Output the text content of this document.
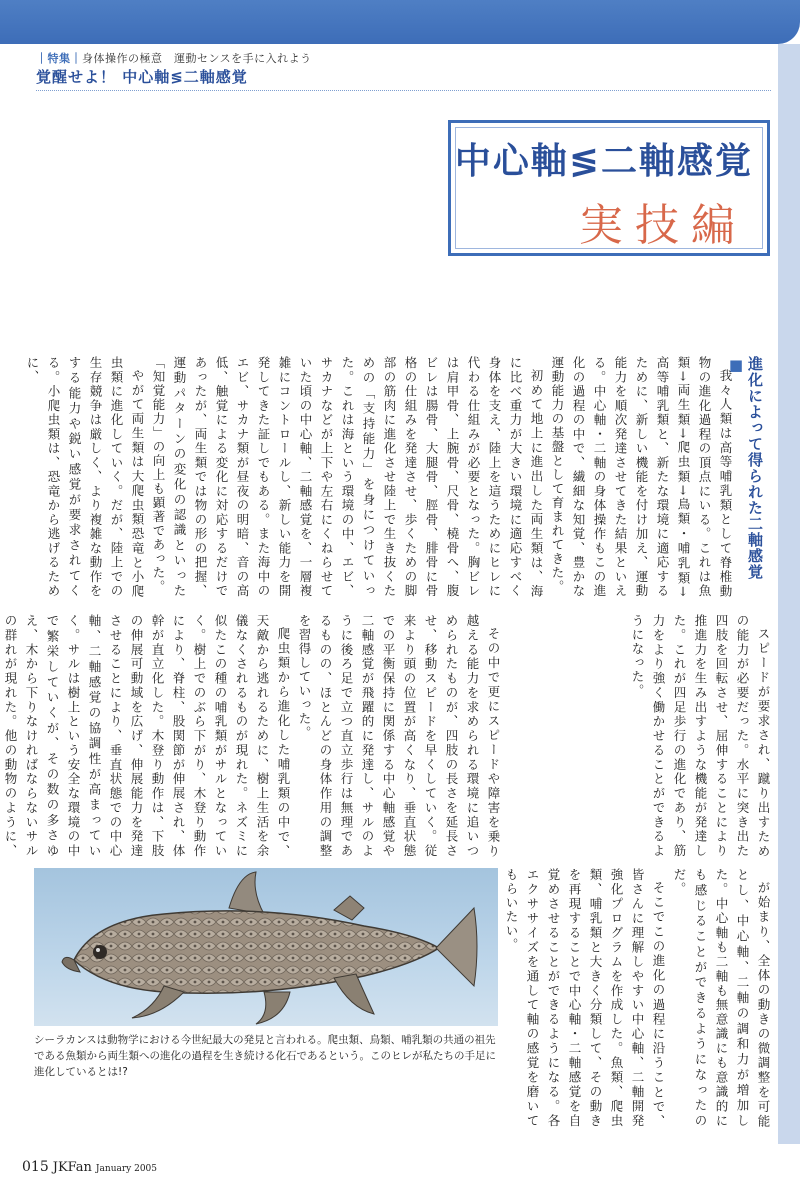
｜特集｜身体操作の極意　運動センスを手に入れよう
覚醒せよ！ 中心軸≶二軸感覚
中心軸≶二軸感覚
実技編
進化によって得られた二軸感覚■

我々人類は高等哺乳類として脊椎動物の進化過程の頂点にいる。これは魚類→両生類→爬虫類→鳥類・哺乳類→高等哺乳類と、新たな環境に適応するために、新しい機能を付け加え、運動能力を順次発達させてきた結果といえる。中心軸・二軸の身体操作もこの進化の過程の中で、繊細な知覚、豊かな運動能力の基盤として育まれてきた。

初めて地上に進出した両生類は、海に比べ重力が大きい環境に適応すべく身体を支え、陸上を這うためにヒレに代わる仕組みが必要となった。胸ビレは肩甲骨、上腕骨、尺骨、橈骨へ、腹ビレは腸骨、大腿骨、脛骨、腓骨に骨格の仕組みを発達させ、歩くための脚部の筋肉に進化させ陸上で生き抜くための「支持能力」を身につけていった。これは海という環境の中、エビ、サカナなどが上下や左右にくねらせていた頃の中心軸、二軸感覚を、一層複雑にコントロールし、新しい能力を開発してきた証しでもある。また海中のエビ、サカナ類が昼夜の明暗、音の高低、触覚による変化に対応するだけであったが、両生類では物の形の把握、運動パターンの変化の認識といった「知覚能力」の向上も顕著であった。

やがて両生類は大爬虫類恐竜と小爬虫類に進化していく。だが、陸上での生存競争は厳しく、より複雑な動作をする能力や鋭い感覚が要求されてくる。小爬虫類は、恐竜から逃げるために、

スピードが要求され、蹴り出すための能力が必要だった。水平に突き出た四肢を回転させ、屈伸することにより推進力を生み出すような機能が発達した。これが四足歩行の進化であり、筋力をより強く働かせることができるようになった。

その中で更にスピードや障害を乗り越える能力を求められる環境に追いつめられたものが、四肢の長さを延長させ、移動スピードを早くしていく。従来より頭の位置が高くなり、垂直状態での平衡保持に関係する中心軸感覚や二軸感覚が飛躍的に発達し、サルのように後ろ足で立つ直立歩行は無理であるものの、ほとんどの身体作用の調整を習得していった。

爬虫類から進化した哺乳類の中で、天敵から逃れるために、樹上生活を余儀なくされるものが現れた。ネズミに似たこの種の哺乳類がサルとなっていく。樹上でのぶら下がり、木登り動作により、脊柱、股関節が伸展され、体幹が直立化した。木登り動作は、下肢の伸展可動域を広げ、伸展能力を発達させることにより、垂直状態での中心軸、二軸感覚の協調性が高まっていく。サルは樹上という安全な環境の中で繁栄していくが、その数の多さゆえ、木から下りなければならないサルの群れが現れた。他の動物のように、

が始まり、全体の動きの微調整を可能とし、中心軸、二軸の調和力が増加した。中心軸も二軸も無意識にも意識的にも感じることができるようになったのだ。

そこでこの進化の過程に沿うことで、皆さんに理解しやすい中心軸、二軸開発強化プログラムを作成した。魚類、爬虫類、哺乳類と大きく分類して、その動きを再現することで中心軸・二軸感覚を自覚めさせることができるようになる。各エクササイズを通して軸の感覚を磨いてもらいたい。

シーラカンスは動物学における今世紀最大の発見と言われる。爬虫類、鳥類、哺乳類の共通の祖先である魚類から両生類への進化の過程を生き続ける化石であるという。このヒレが私たちの手足に進化しているとは!?
015 JKFan January 2005
